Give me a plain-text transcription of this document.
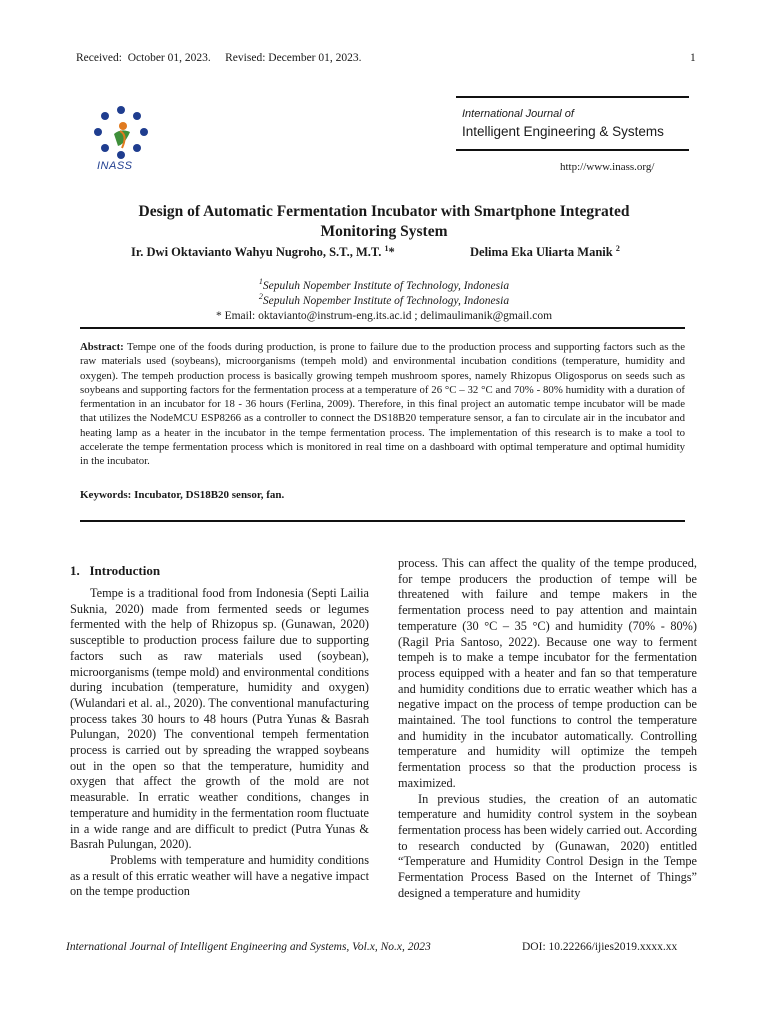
Received:  October 01, 2023.     Revised: December 01, 2023.	1
INASS
International Journal of
Intelligent Engineering & Systems
http://www.inass.org/
Design of Automatic Fermentation Incubator with Smartphone Integrated
Monitoring System
Ir. Dwi Oktavianto Wahyu Nugroho, S.T., M.T. $^1$*	Delima Eka Uliarta Manik $^2$
$^1$Sepuluh Nopember Institute of Technology, Indonesia
$^2$Sepuluh Nopember Institute of Technology, Indonesia
* Email: oktavianto@instrum-eng.its.ac.id ; delimaulimanik@gmail.com
Abstract: Tempe one of the foods during production, is prone to failure due to the production process and supporting factors such as the raw materials used (soybeans), microorganisms (tempeh mold) and environmental incubation conditions (temperature, humidity and oxygen). The tempeh production process is basically growing tempeh mushroom spores, namely Rhizopus Oligosporus on seeds such as soybeans and supporting factors for the fermentation process at a temperature of 26 °C – 32 °C and 70% - 80% humidity with a duration of fermentation in an incubator for 18 - 36 hours (Ferlina, 2009). Therefore, in this final project an automatic tempe incubator will be made that utilizes the NodeMCU ESP8266 as a controller to connect the DS18B20 temperature sensor, a fan to circulate air in the incubator and heating lamp as a heater in the incubator in the tempe fermentation process. The implementation of this research is to make a tool to accelerate the tempe fermentation process which is monitored in real time on a dashboard with optimal temperature and optimal humidity in the incubator.
Keywords: Incubator, DS18B20 sensor, fan.
1.   Introduction
Tempe is a traditional food from Indonesia (Septi Lailia Suknia, 2020) made from fermented seeds or legumes fermented with the help of Rhizopus sp. (Gunawan, 2020) susceptible to production process failure due to supporting factors such as raw materials used (soybean), microorganisms (tempe mold) and environmental conditions during incubation (temperature, humidity and oxygen) (Wulandari et al. al., 2020). The conventional manufacturing process takes 30 hours to 48 hours (Putra Yunas & Basrah Pulungan, 2020) The conventional tempeh fermentation process is carried out by spreading the wrapped soybeans out in the open so that the temperature, humidity and oxygen that affect the growth of the mold are not measurable. In erratic weather conditions, changes in temperature and humidity in the fermentation room fluctuate in a wide range and are difficult to predict (Putra Yunas & Basrah Pulungan, 2020).
Problems with temperature and humidity conditions as a result of this erratic weather will have a negative impact on the tempe production
process. This can affect the quality of the tempe produced, for tempe producers the production of tempe will be threatened with failure and tempe makers in the fermentation process need to pay attention and maintain temperature (30 °C – 35 °C) and humidity (70% - 80%) (Ragil Pria Santoso, 2022). Because one way to ferment tempeh is to make a tempe incubator for the fermentation process equipped with a heater and fan so that temperature and humidity conditions due to erratic weather which has a negative impact on the process of tempe production can be maintained. The tool functions to control the temperature and humidity in the incubator automatically. Controlling temperature and humidity will optimize the tempeh fermentation process so that the production process is maximized.
In previous studies, the creation of an automatic temperature and humidity control system in the soybean fermentation process has been widely carried out. According to research conducted by (Gunawan, 2020) entitled “Temperature and Humidity Control Design in the Tempe Fermentation Process Based on the Internet of Things” designed a temperature and humidity
International Journal of Intelligent Engineering and Systems, Vol.x, No.x, 2023	DOI: 10.22266/ijies2019.xxxx.xx
